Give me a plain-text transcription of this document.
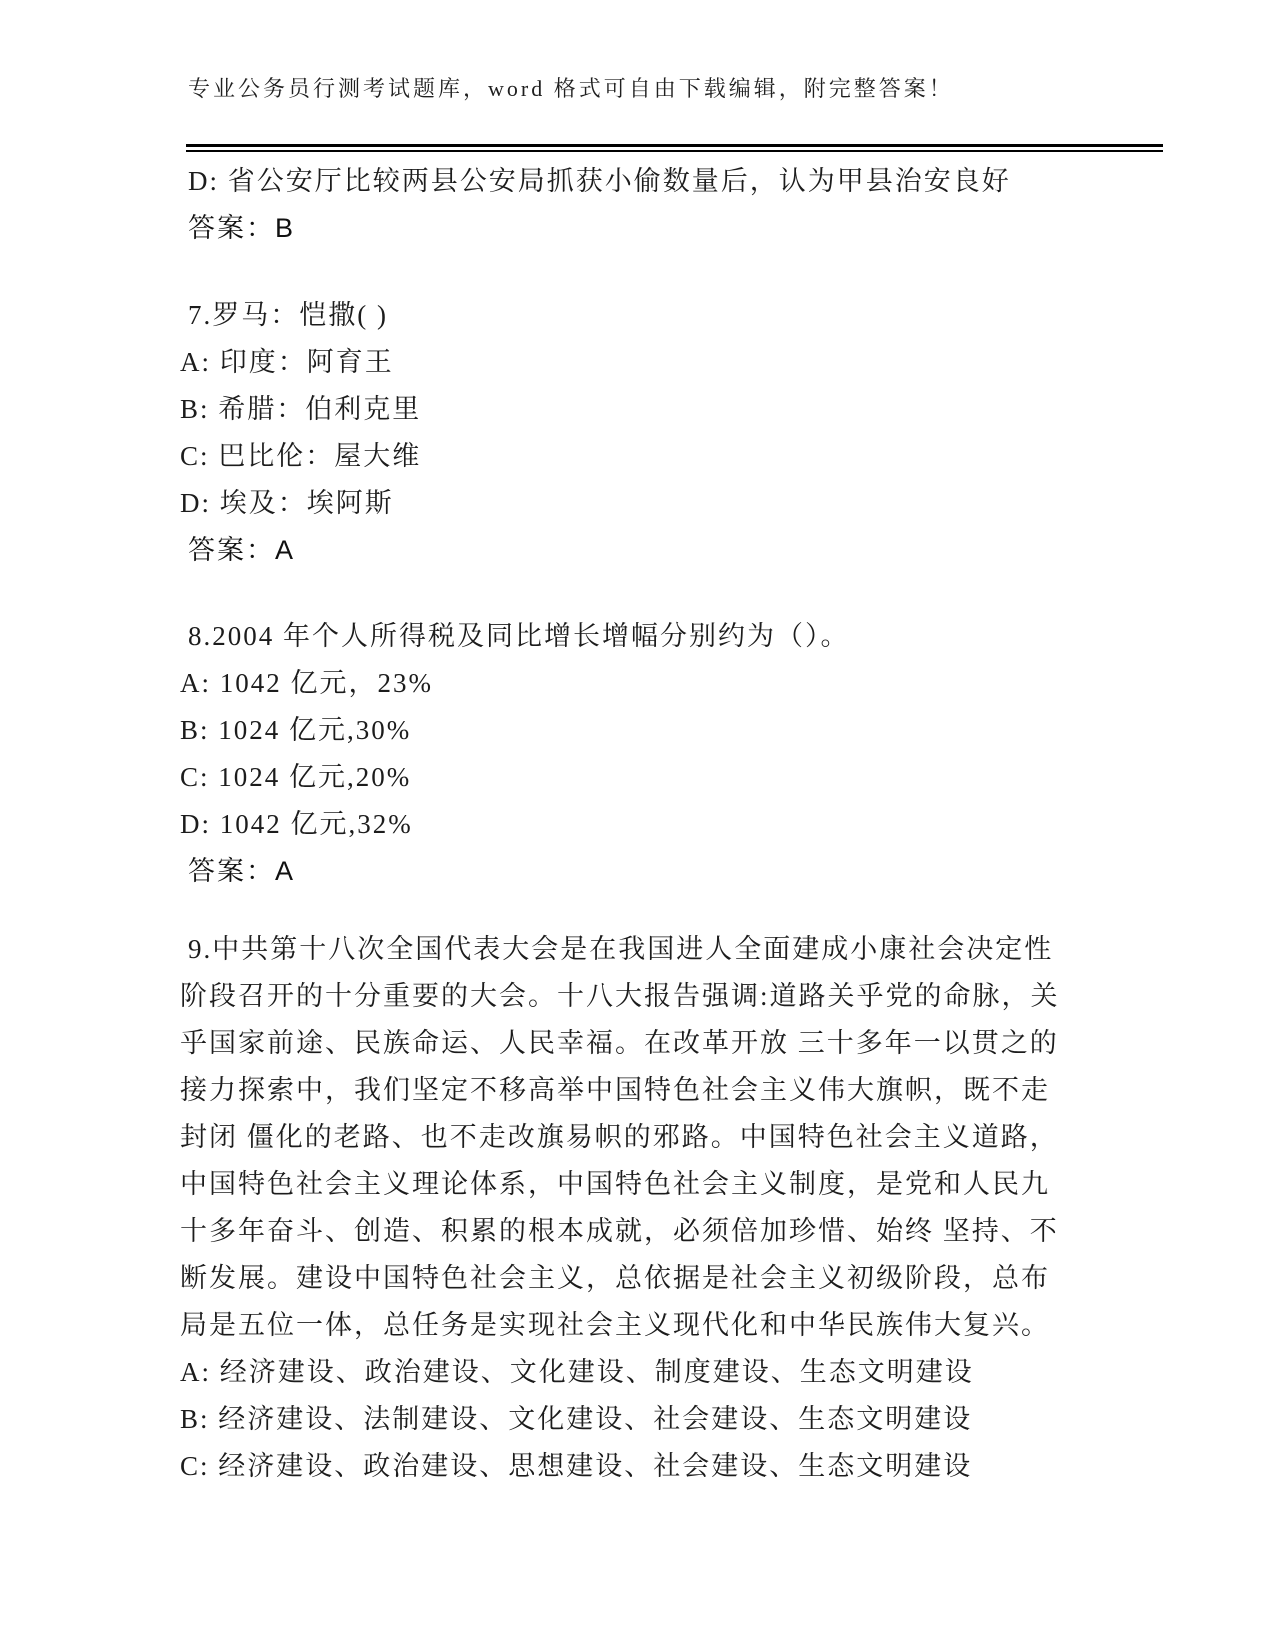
专业公务员行测考试题库，word 格式可自由下载编辑，附完整答案！
D: 省公安厅比较两县公安局抓获小偷数量后，认为甲县治安良好
答案：B
7.罗马：恺撒( )
A: 印度：阿育王
B: 希腊：伯利克里
C: 巴比伦：屋大维
D: 埃及：埃阿斯
答案：A
8.2004 年个人所得税及同比增长增幅分别约为（）。
A: 1042 亿元，23%
B: 1024 亿元,30%
C: 1024 亿元,20%
D: 1042 亿元,32%
答案：A
9.中共第十八次全国代表大会是在我国进人全面建成小康社会决定性
阶段召开的十分重要的大会。十八大报告强调:道路关乎党的命脉，关
乎国家前途、民族命运、人民幸福。在改革开放 三十多年一以贯之的
接力探索中，我们坚定不移高举中国特色社会主义伟大旗帜，既不走
封闭 僵化的老路、也不走改旗易帜的邪路。中国特色社会主义道路，
中国特色社会主义理论体系，中国特色社会主义制度，是党和人民九
十多年奋斗、创造、积累的根本成就，必须倍加珍惜、始终 坚持、不
断发展。建设中国特色社会主义，总依据是社会主义初级阶段，总布
局是五位一体，总任务是实现社会主义现代化和中华民族伟大复兴。
A: 经济建设、政治建设、文化建设、制度建设、生态文明建设
B: 经济建设、法制建设、文化建设、社会建设、生态文明建设
C: 经济建设、政治建设、思想建设、社会建设、生态文明建设
